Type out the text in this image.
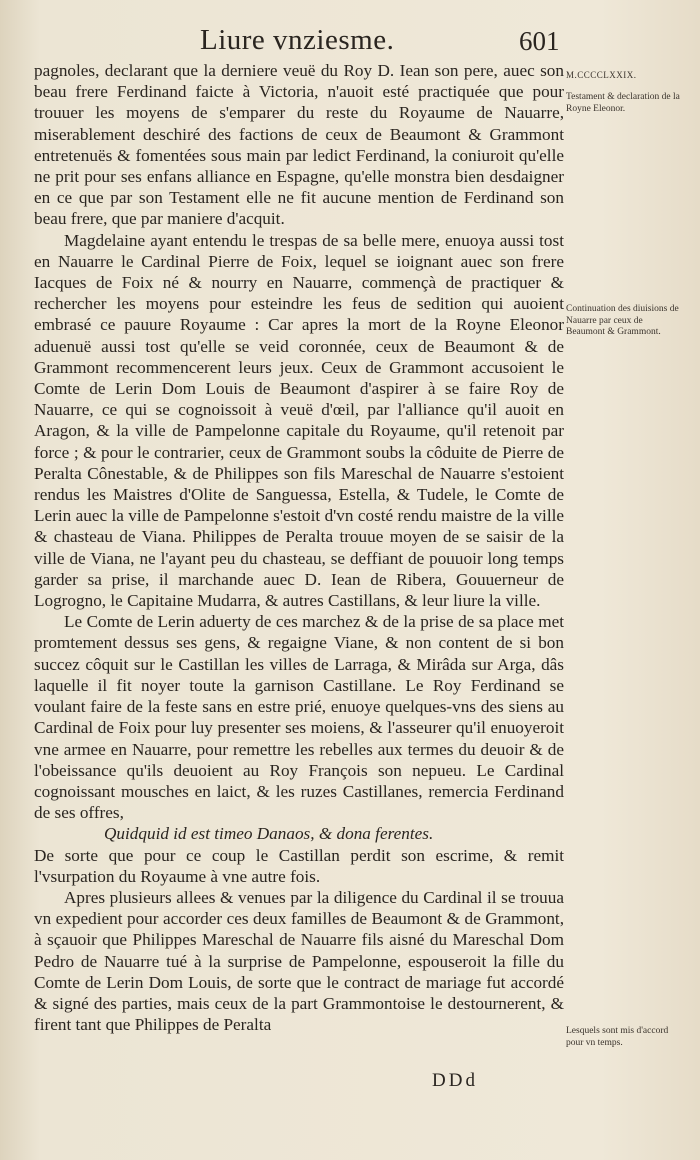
Liure vnziesme.	601
M.CCCCLXXIX.
Testament & declaration de la Royne Eleonor.
Continuation des diuisions de Nauarre par ceux de Beaumont & Grammont.
Lesquels sont mis d'accord pour vn temps.

pagnoles, declarant que la derniere veuë du Roy D. Iean son pere, auec son beau frere Ferdinand faicte à Victoria, n'auoit esté practiquée que pour trouuer les moyens de s'emparer du reste du Royaume de Nauarre, miserablement deschiré des factions de ceux de Beaumont & Grammont entretenuës & fomentées sous main par ledict Ferdinand, la coniuroit qu'elle ne prit pour ses enfans alliance en Espagne, qu'elle monstra bien desdaigner en ce que par son Testament elle ne fit aucune mention de Ferdinand son beau frere, que par maniere d'acquit.

Magdelaine ayant entendu le trespas de sa belle mere, enuoya aussi tost en Nauarre le Cardinal Pierre de Foix, lequel se ioignant auec son frere Iacques de Foix né & nourry en Nauarre, commençà de practiquer & rechercher les moyens pour esteindre les feus de sedition qui auoient embrasé ce pauure Royaume : Car apres la mort de la Royne Eleonor aduenuë aussi tost qu'elle se veid coronnée, ceux de Beaumont & de Grammont recommencerent leurs jeux. Ceux de Grammont accusoient le Comte de Lerin Dom Louis de Beaumont d'aspirer à se faire Roy de Nauarre, ce qui se cognoissoit à veuë d'œil, par l'alliance qu'il auoit en Aragon, & la ville de Pampelonne capitale du Royaume, qu'il retenoit par force ; & pour le contrarier, ceux de Grammont soubs la côduite de Pierre de Peralta Cônestable, & de Philippes son fils Mareschal de Nauarre s'estoient rendus les Maistres d'Olite de Sanguessa, Estella, & Tudele, le Comte de Lerin auec la ville de Pampelonne s'estoit d'vn costé rendu maistre de la ville & chasteau de Viana. Philippes de Peralta trouue moyen de se saisir de la ville de Viana, ne l'ayant peu du chasteau, se deffiant de pouuoir long temps garder sa prise, il marchande auec D. Iean de Ribera, Gouuerneur de Logrogno, le Capitaine Mudarra, & autres Castillans, & leur liure la ville.

Le Comte de Lerin aduerty de ces marchez & de la prise de sa place met promtement dessus ses gens, & regaigne Viane, & non content de si bon succez côquit sur le Castillan les villes de Larraga, & Mirâda sur Arga, dâs laquelle il fit noyer toute la garnison Castillane. Le Roy Ferdinand se voulant faire de la feste sans en estre prié, enuoye quelques-vns des siens au Cardinal de Foix pour luy presenter ses moiens, & l'asseurer qu'il enuoyeroit vne armee en Nauarre, pour remettre les rebelles aux termes du deuoir & de l'obeissance qu'ils deuoient au Roy François son nepueu. Le Cardinal cognoissant mousches en laict, & les ruzes Castillanes, remercia Ferdinand de ses offres,

Quidquid id est timeo Danaos, & dona ferentes.

De sorte que pour ce coup le Castillan perdit son escrime, & remit l'vsurpation du Royaume à vne autre fois.

Apres plusieurs allees & venues par la diligence du Cardinal il se trouua vn expedient pour accorder ces deux familles de Beaumont & de Grammont, à sçauoir que Philippes Mareschal de Nauarre fils aisné du Mareschal Dom Pedro de Nauarre tué à la surprise de Pampelonne, espouseroit la fille du Comte de Lerin Dom Louis, de sorte que le contract de mariage fut accordé & signé des parties, mais ceux de la part Grammontoise le destournerent, & firent tant que Philippes de Peralta

DDd
